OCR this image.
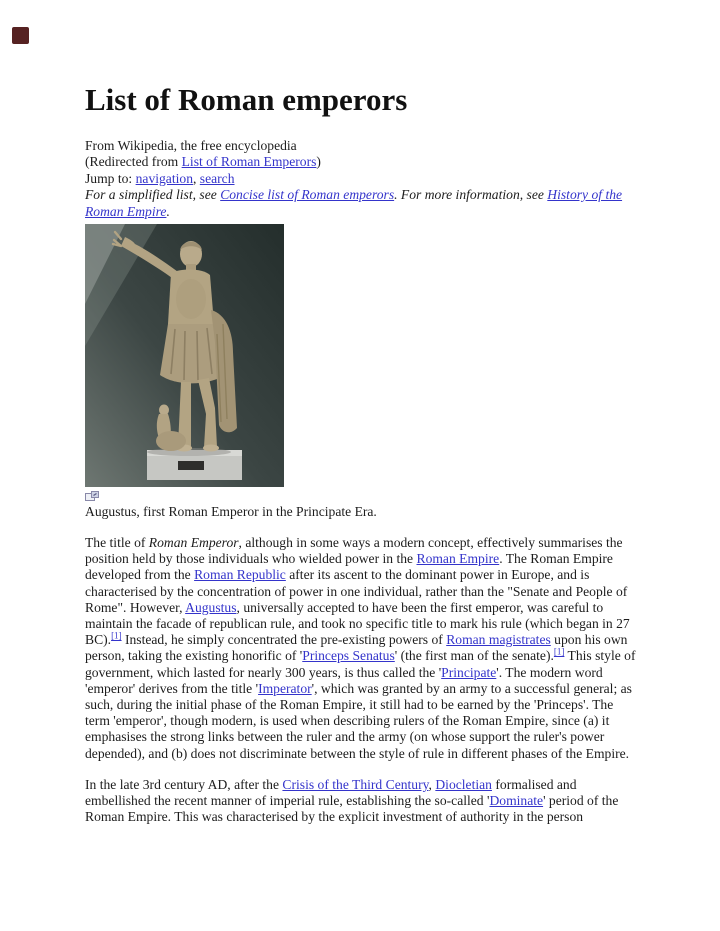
List of Roman emperors
From Wikipedia, the free encyclopedia
(Redirected from List of Roman Emperors)
Jump to: navigation, search
For a simplified list, see Concise list of Roman emperors. For more information, see History of the Roman Empire.
Augustus, first Roman Emperor in the Principate Era.

The title of Roman Emperor, although in some ways a modern concept, effectively summarises the position held by those individuals who wielded power in the Roman Empire. The Roman Empire developed from the Roman Republic after its ascent to the dominant power in Europe, and is characterised by the concentration of power in one individual, rather than the "Senate and People of Rome". However, Augustus, universally accepted to have been the first emperor, was careful to maintain the facade of republican rule, and took no specific title to mark his rule (which began in 27 BC).[1] Instead, he simply concentrated the pre-existing powers of Roman magistrates upon his own person, taking the existing honorific of 'Princeps Senatus' (the first man of the senate).[1] This style of government, which lasted for nearly 300 years, is thus called the 'Principate'. The modern word 'emperor' derives from the title 'Imperator', which was granted by an army to a successful general; as such, during the initial phase of the Roman Empire, it still had to be earned by the 'Princeps'. The term 'emperor', though modern, is used when describing rulers of the Roman Empire, since (a) it emphasises the strong links between the ruler and the army (on whose support the ruler's power depended), and (b) does not discriminate between the style of rule in different phases of the Empire.

In the late 3rd century AD, after the Crisis of the Third Century, Diocletian formalised and embellished the recent manner of imperial rule, establishing the so-called 'Dominate' period of the Roman Empire. This was characterised by the explicit investment of authority in the person
